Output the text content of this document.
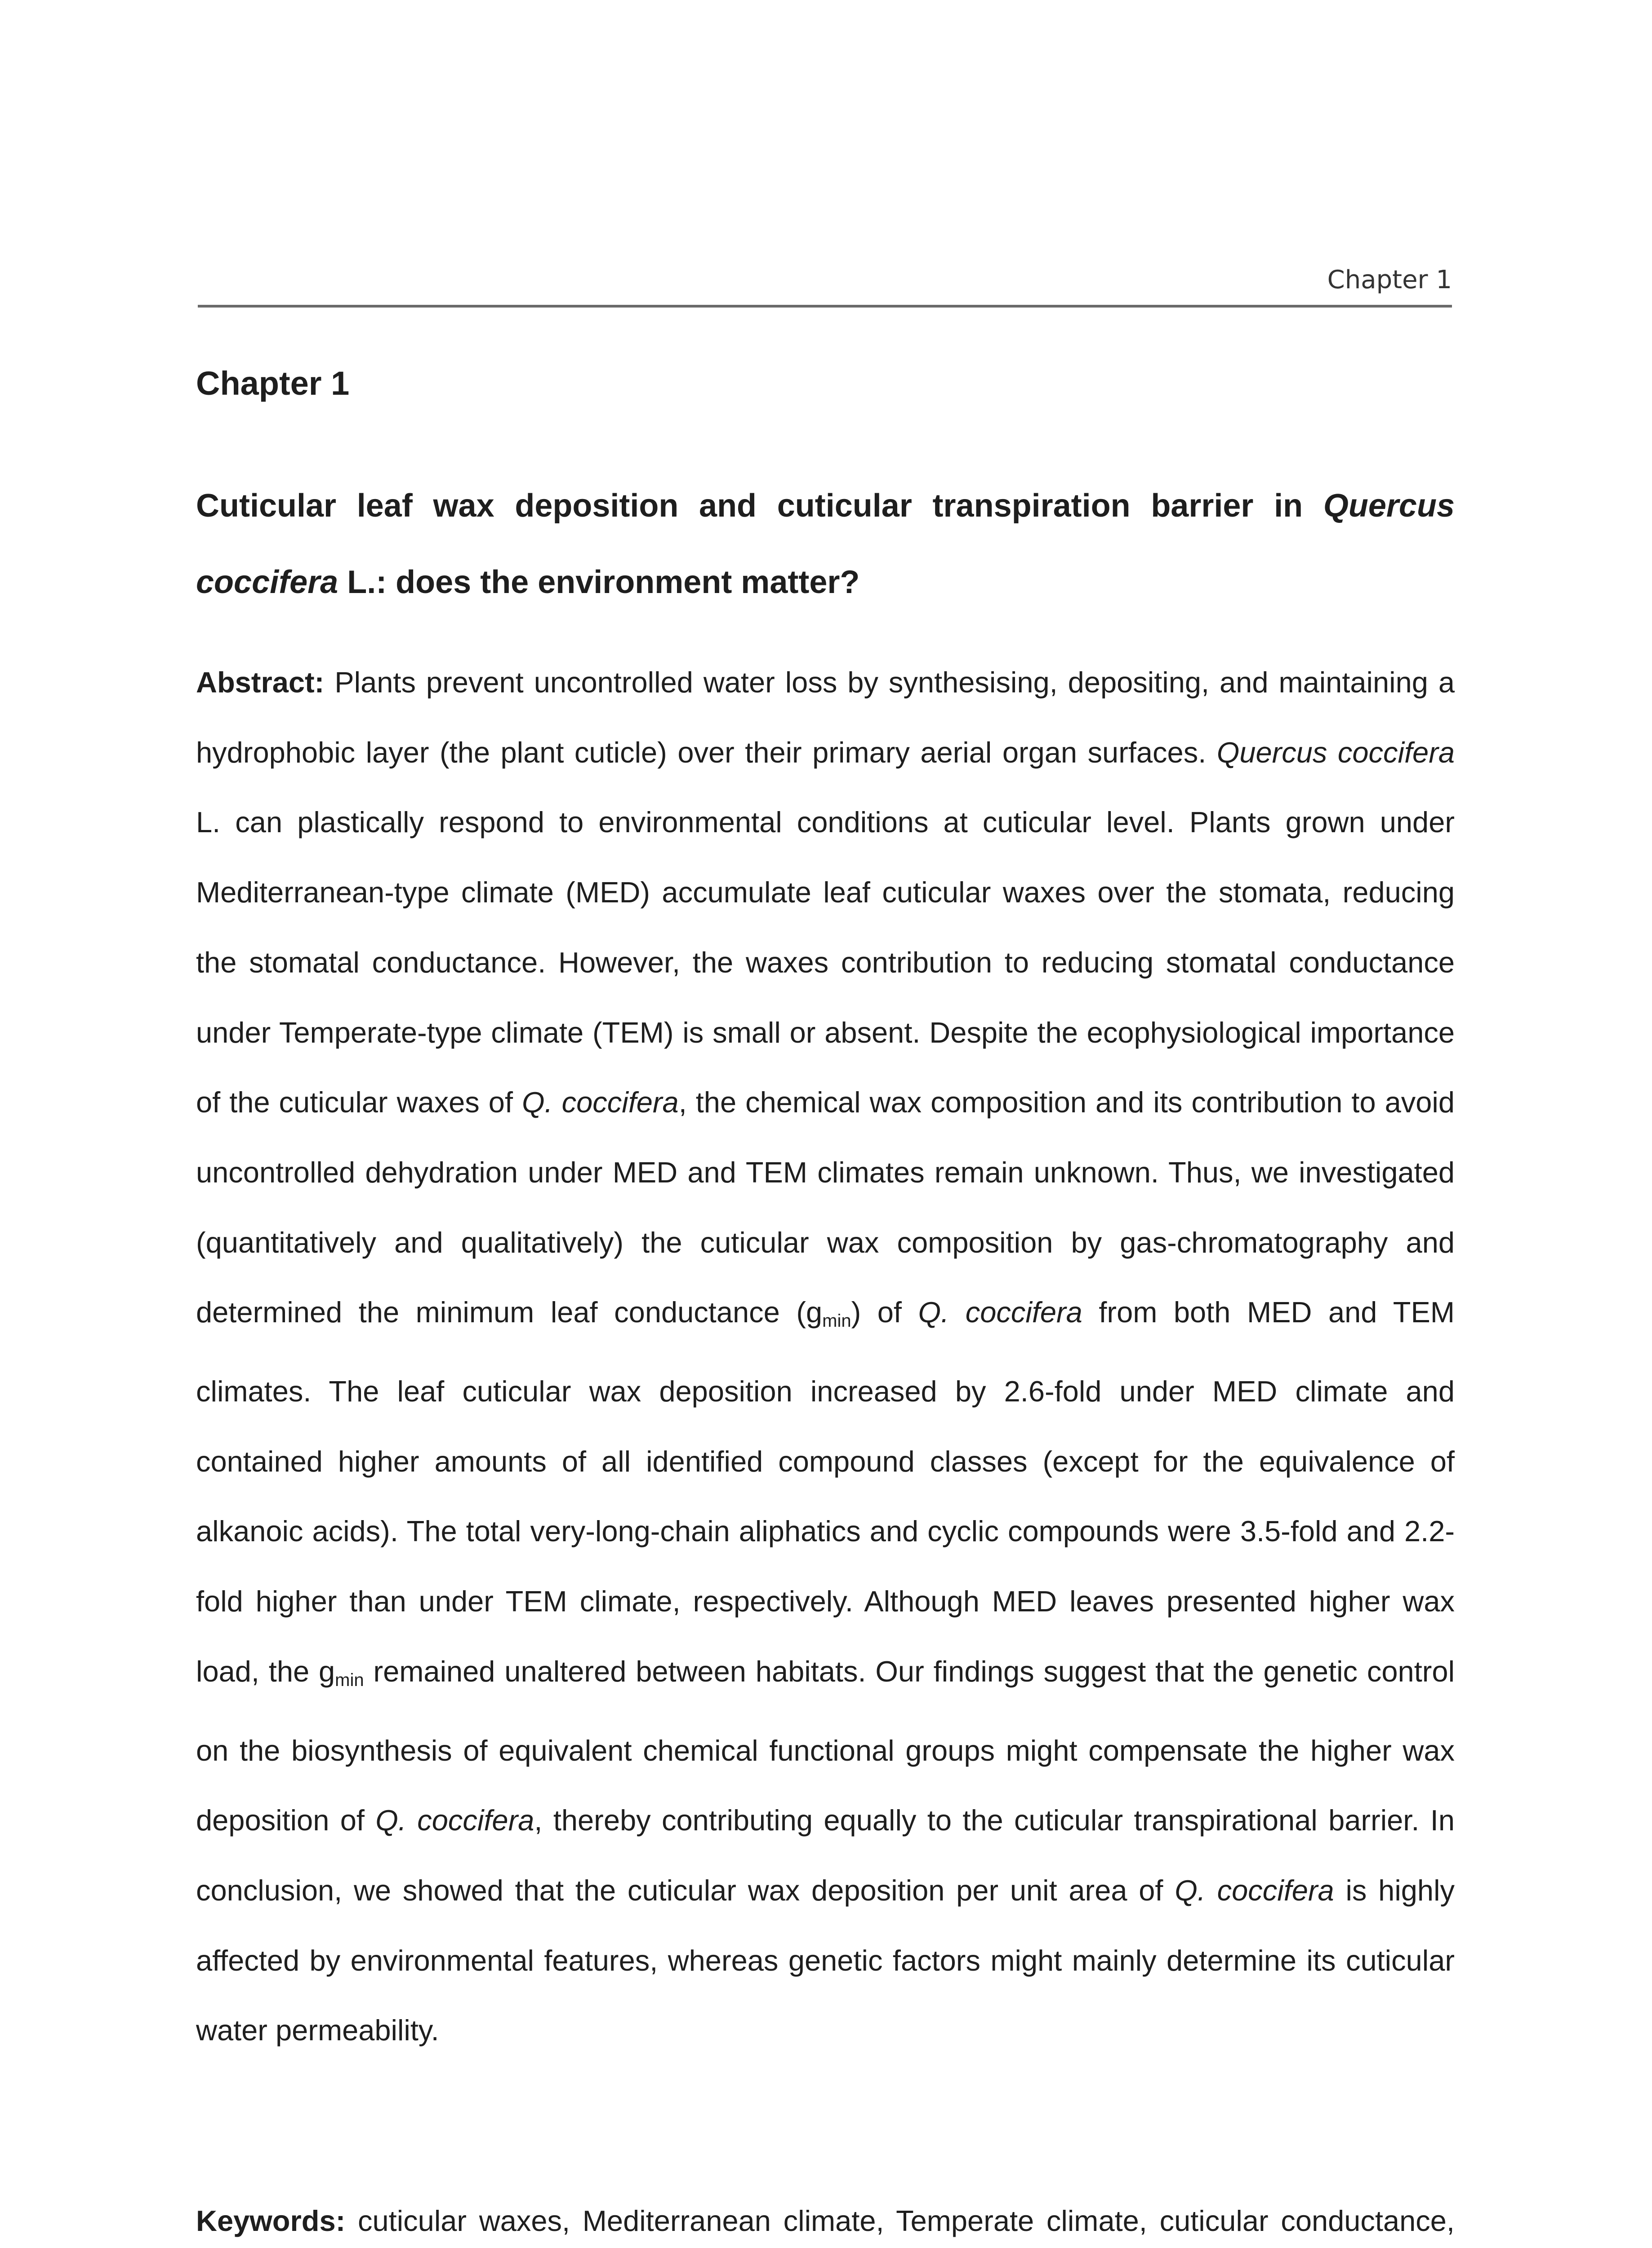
Chapter 1
Chapter 1

Cuticular leaf wax deposition and cuticular transpiration barrier in Quercus coccifera L.: does the environment matter?

Abstract: Plants prevent uncontrolled water loss by synthesising, depositing, and maintaining a hydrophobic layer (the plant cuticle) over their primary aerial organ surfaces. Quercus coccifera L. can plastically respond to environmental conditions at cuticular level. Plants grown under Mediterranean-type climate (MED) accumulate leaf cuticular waxes over the stomata, reducing the stomatal conductance. However, the waxes contribution to reducing stomatal conductance under Temperate-type climate (TEM) is small or absent. Despite the ecophysiological importance of the cuticular waxes of Q. coccifera, the chemical wax composition and its contribution to avoid uncontrolled dehydration under MED and TEM climates remain unknown. Thus, we investigated (quantitatively and qualitatively) the cuticular wax composition by gas-chromatography and determined the minimum leaf conductance $(g_{min})$ of Q. coccifera from both MED and TEM climates. The leaf cuticular wax deposition increased by 2.6-fold under MED climate and contained higher amounts of all identified compound classes (except for the equivalence of alkanoic acids). The total very-long-chain aliphatics and cyclic compounds were 3.5-fold and 2.2-fold higher than under TEM climate, respectively. Although MED leaves presented higher wax load, the $g_{min}$ remained unaltered between habitats. Our findings suggest that the genetic control on the biosynthesis of equivalent chemical functional groups might compensate the higher wax deposition of Q. coccifera, thereby contributing equally to the cuticular transpirational barrier. In conclusion, we showed that the cuticular wax deposition per unit area of Q. coccifera is highly affected by environmental features, whereas genetic factors might mainly determine its cuticular water permeability.

Keywords: cuticular waxes, Mediterranean climate, Temperate climate, cuticular conductance,
